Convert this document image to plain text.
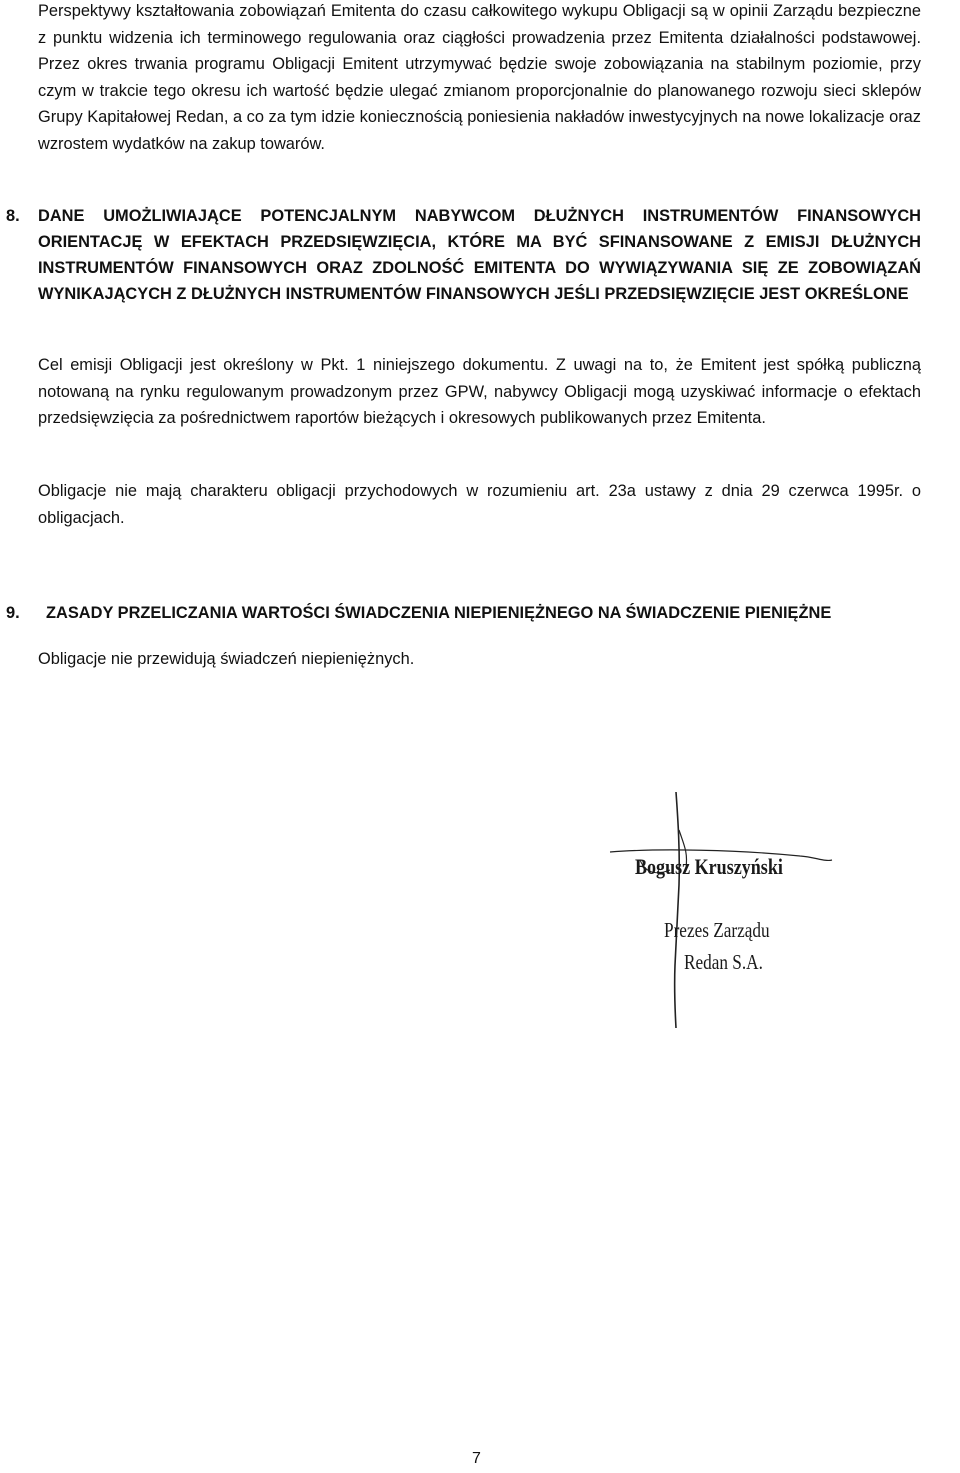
Perspektywy kształtowania zobowiązań Emitenta do czasu całkowitego wykupu Obligacji są w opinii Zarządu bezpieczne z punktu widzenia ich terminowego regulowania oraz ciągłości prowadzenia przez Emitenta działalności podstawowej. Przez okres trwania programu Obligacji Emitent utrzymywać będzie swoje zobowiązania na stabilnym poziomie, przy czym w trakcie tego okresu ich wartość będzie ulegać zmianom proporcjonalnie do planowanego rozwoju sieci sklepów Grupy Kapitałowej Redan, a co za tym idzie koniecznością poniesienia nakładów inwestycyjnych na nowe lokalizacje oraz wzrostem wydatków na zakup towarów.

8. DANE UMOŻLIWIAJĄCE POTENCJALNYM NABYWCOM DŁUŻNYCH INSTRUMENTÓW FINANSOWYCH ORIENTACJĘ W EFEKTACH PRZEDSIĘWZIĘCIA, KTÓRE MA BYĆ SFINANSOWANE Z EMISJI DŁUŻNYCH INSTRUMENTÓW FINANSOWYCH ORAZ ZDOLNOŚĆ EMITENTA DO WYWIĄZYWANIA SIĘ ZE ZOBOWIĄZAŃ WYNIKAJĄCYCH Z DŁUŻNYCH INSTRUMENTÓW FINANSOWYCH JEŚLI PRZEDSIĘWZIĘCIE JEST OKREŚLONE

Cel emisji Obligacji jest określony w Pkt. 1 niniejszego dokumentu. Z uwagi na to, że Emitent jest spółką publiczną notowaną na rynku regulowanym prowadzonym przez GPW, nabywcy Obligacji mogą uzyskiwać informacje o efektach przedsięwzięcia za pośrednictwem raportów bieżących i okresowych publikowanych przez Emitenta.

Obligacje nie mają charakteru obligacji przychodowych w rozumieniu art. 23a ustawy z dnia 29 czerwca 1995r. o obligacjach.

9. ZASADY PRZELICZANIA WARTOŚCI ŚWIADCZENIA NIEPIENIĘŻNEGO NA ŚWIADCZENIE PIENIĘŻNE

Obligacje nie przewidują świadczeń niepieniężnych.

Bogusz Kruszyński
Prezes Zarządu
Redan S.A.
7
